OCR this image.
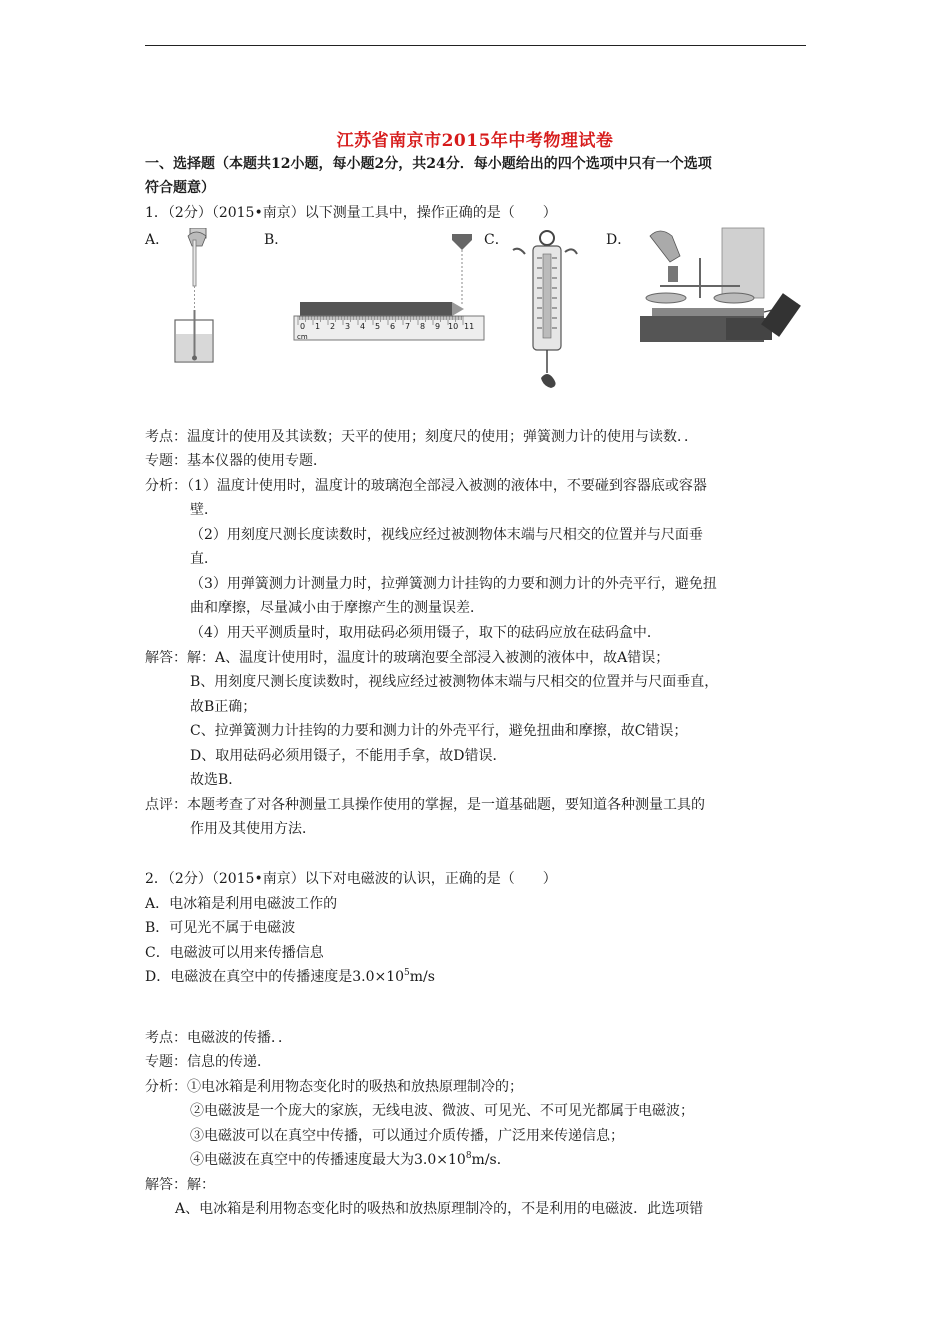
江苏省南京市2015年中考物理试卷
一、选择题（本题共12小题，每小题2分，共24分．每小题给出的四个选项中只有一个选项
符合题意）
1．（2分）（2015•南京）以下测量工具中，操作正确的是（　　）
A．	B．	C．	D．
0 1 2 3 4 5 6 7 8 9 10 11
cm
考点：温度计的使用及其读数；天平的使用；刻度尺的使用；弹簧测力计的使用与读数．．
专题：基本仪器的使用专题．
分析：（1）温度计使用时，温度计的玻璃泡全部浸入被测的液体中，不要碰到容器底或容器
壁．
（2）用刻度尺测长度读数时，视线应经过被测物体末端与尺相交的位置并与尺面垂
直．
（3）用弹簧测力计测量力时，拉弹簧测力计挂钩的力要和测力计的外壳平行，避免扭
曲和摩擦，尽量减小由于摩擦产生的测量误差．
（4）用天平测质量时，取用砝码必须用镊子，取下的砝码应放在砝码盒中．
解答：解：A、温度计使用时，温度计的玻璃泡要全部浸入被测的液体中，故A错误；
B、用刻度尺测长度读数时，视线应经过被测物体末端与尺相交的位置并与尺面垂直，
故B正确；
C、拉弹簧测力计挂钩的力要和测力计的外壳平行，避免扭曲和摩擦，故C错误；
D、取用砝码必须用镊子，不能用手拿，故D错误．
故选B．
点评：本题考查了对各种测量工具操作使用的掌握，是一道基础题，要知道各种测量工具的
作用及其使用方法．
2．（2分）（2015•南京）以下对电磁波的认识，正确的是（　　）
A．电冰箱是利用电磁波工作的
B．可见光不属于电磁波
C．电磁波可以用来传播信息
D．电磁波在真空中的传播速度是$3.0\times 10^5m/s$
考点：电磁波的传播．．
专题：信息的传递．
分析：①电冰箱是利用物态变化时的吸热和放热原理制冷的；
②电磁波是一个庞大的家族，无线电波、微波、可见光、不可见光都属于电磁波；
③电磁波可以在真空中传播，可以通过介质传播，广泛用来传递信息；
④电磁波在真空中的传播速度最大为$3.0\times 10^8m/s$．
解答：解：
A、电冰箱是利用物态变化时的吸热和放热原理制冷的，不是利用的电磁波．此选项错
